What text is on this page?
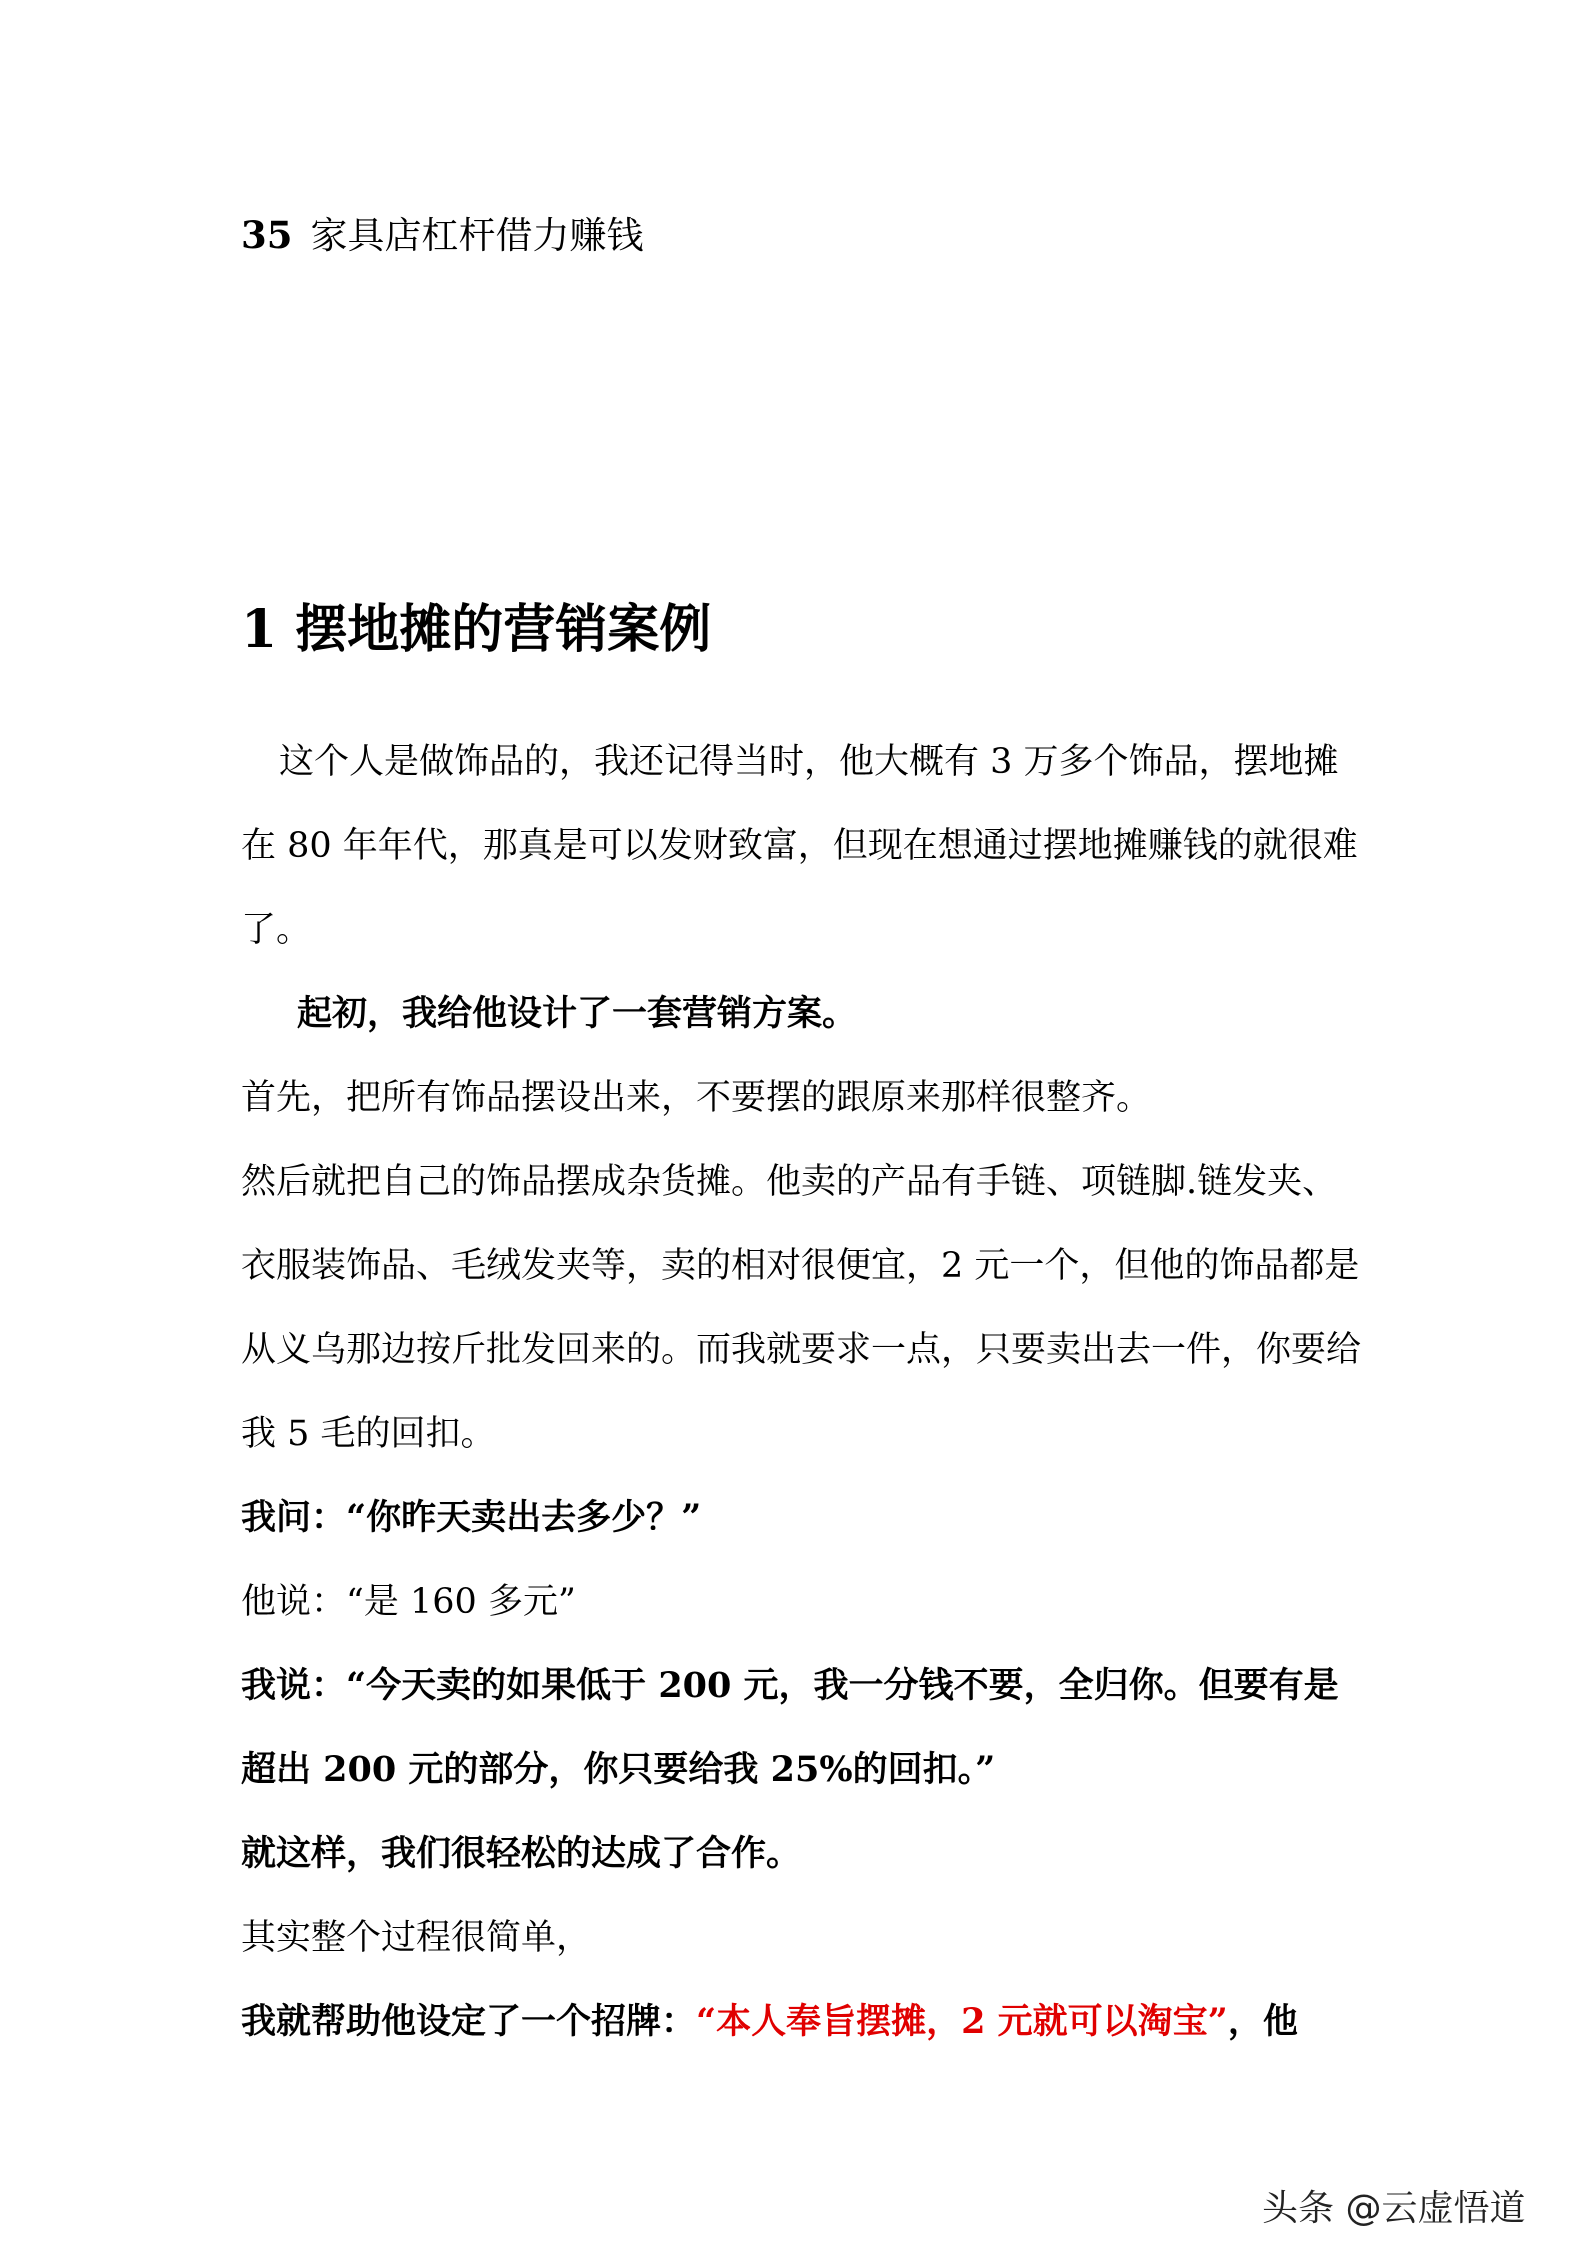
35 家具店杠杆借力赚钱
1 摆地摊的营销案例

这个人是做饰品的，我还记得当时，他大概有 3 万多个饰品，摆地摊在 80 年年代，那真是可以发财致富，但现在想通过摆地摊赚钱的就很难了。

起初，我给他设计了一套营销方案。

首先，把所有饰品摆设出来，不要摆的跟原来那样很整齐。

然后就把自己的饰品摆成杂货摊。他卖的产品有手链、项链脚.链发夹、衣服装饰品、毛绒发夹等，卖的相对很便宜，2 元一个，但他的饰品都是从义乌那边按斤批发回来的。而我就要求一点，只要卖出去一件，你要给我 5 毛的回扣。

我问：“你昨天卖出去多少？”

他说：“是 160 多元”

我说：“今天卖的如果低于 200 元，我一分钱不要，全归你。但要有是超出 200 元的部分，你只要给我 25%的回扣。”

就这样，我们很轻松的达成了合作。

其实整个过程很简单，

我就帮助他设定了一个招牌：“本人奉旨摆摊，2 元就可以淘宝”，他

头条 @云虚悟道
